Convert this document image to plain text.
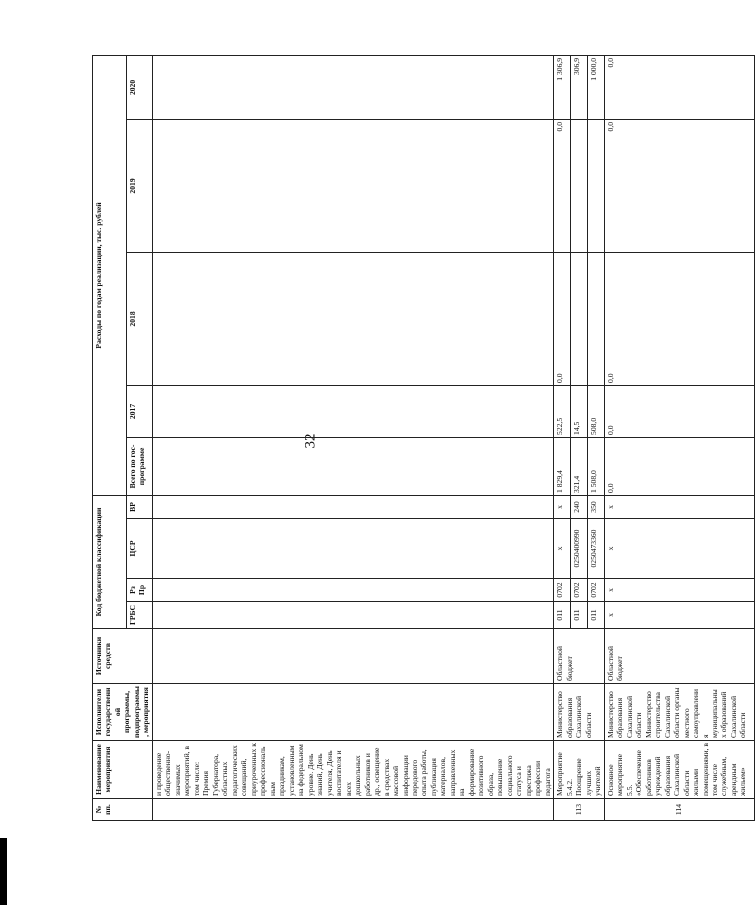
32
№ пп.	Наименование мероприятия	Исполнители государственной программы, подпрограммы, мероприятия	Источники средств	Код бюджетной классификации				Расходы по годам реализации, тыс. рублей				
				ГРБС	Рз Пр	ЦСР	ВР	Всего по гос-программе	2017	2018	2019	2020
	и проведение общественно-значимых мероприятий, в том числе: Премия Губернатора, областных педагогических совещаний, приуроченных к профессиональным праздникам, установленным на федеральном уровне. День знаний, День учителя, День воспитателя и всех дошкольных работников и др., освещение в средствах массовой информации передового опыта работы, публикация материалов, направленных на формирование позитивного образа, повышение социального статуса и престижа профессии педагога											
113	Мероприятие 5.4.2. Поощрение лучших учителей	Министерство образования Сахалинской области	Областной бюджет	011	0702	х	х	1 829,4	522,5	0,0	0,0	1 306,9
				011	0702	0250400990	240	321,4	14,5			306,9
				011	0702	0250473360	350	1 508,0	508,0			1 000,0
114	Основное мероприятие 5.5. «Обеспечение работников учреждений образования Сахалинской области жилыми помещениями, в том числе служебным, арендным жильем»	Министерство образования Сахалинской области Министерство строительства Сахалинской области органы местного самоуправления муниципальных образований Сахалинской области	Областной бюджет	х	х	х	х	0,0	0,0	0,0	0,0	0,0
